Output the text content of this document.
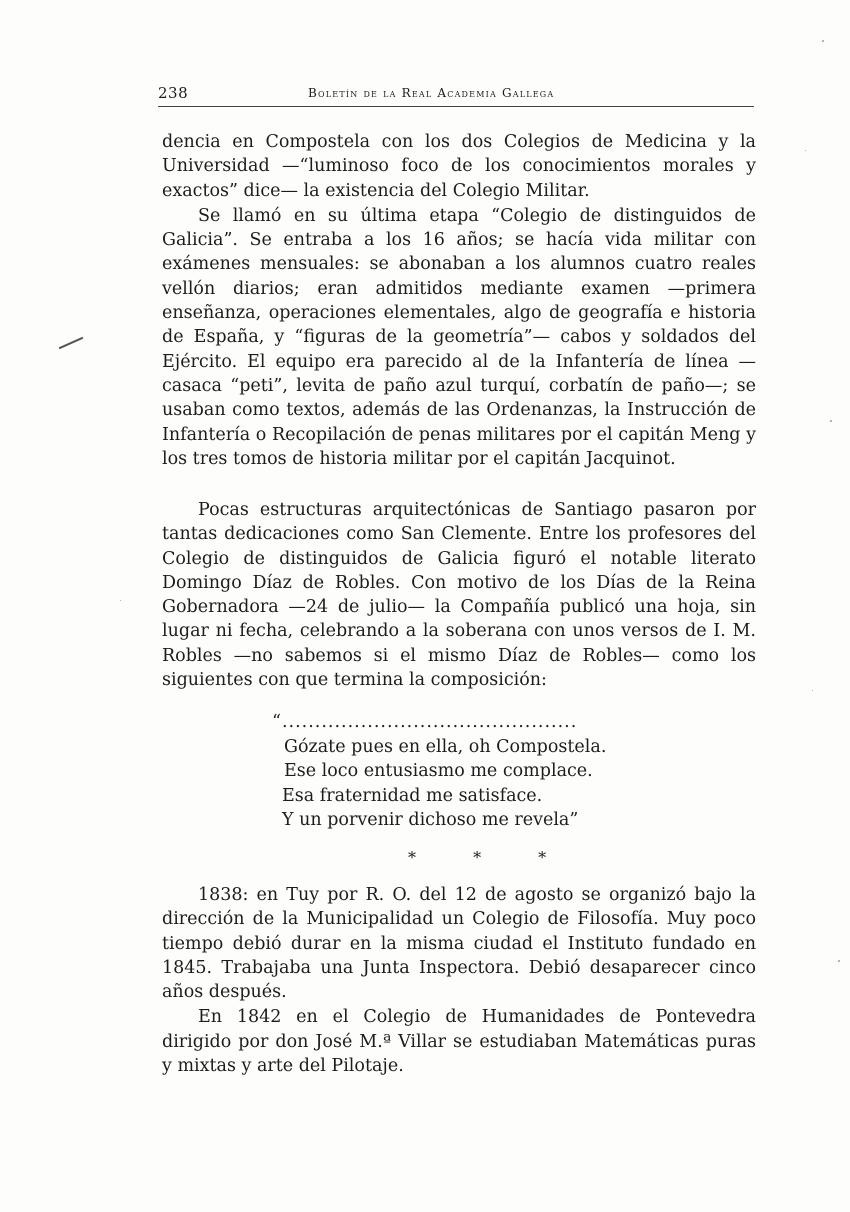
238	Boletín de la Real Academia Gallega

dencia en Compostela con los dos Colegios de Medicina y la Universidad —“luminoso foco de los conocimientos morales y exactos” dice— la existencia del Colegio Militar.

Se llamó en su última etapa “Colegio de distinguidos de Galicia”. Se entraba a los 16 años; se hacía vida militar con exámenes mensuales: se abonaban a los alumnos cuatro reales vellón diarios; eran admitidos mediante examen —primera enseñanza, operaciones elementales, algo de geografía e historia de España, y “figuras de la geometría”— cabos y soldados del Ejército. El equipo era parecido al de la Infantería de línea —casaca “peti”, levita de paño azul turquí, corbatín de paño—; se usaban como textos, además de las Ordenanzas, la Instrucción de Infantería o Recopilación de penas militares por el capitán Meng y los tres tomos de historia militar por el capitán Jacquinot.

Pocas estructuras arquitectónicas de Santiago pasaron por tantas dedicaciones como San Clemente. Entre los profesores del Colegio de distinguidos de Galicia figuró el notable literato Domingo Díaz de Robles. Con motivo de los Días de la Reina Gobernadora —24 de julio— la Compañía publicó una hoja, sin lugar ni fecha, celebrando a la soberana con unos versos de I. M. Robles —no sabemos si el mismo Díaz de Robles— como los siguientes con que termina la composición:

“.............................................
Gózate pues en ella, oh Compostela.
Ese loco entusiasmo me complace.
Esa fraternidad me satisface.
Y un porvenir dichoso me revela”
* * *

1838: en Tuy por R. O. del 12 de agosto se organizó bajo la dirección de la Municipalidad un Colegio de Filosofía. Muy poco tiempo debió durar en la misma ciudad el Instituto fundado en 1845. Trabajaba una Junta Inspectora. Debió desaparecer cinco años después.

En 1842 en el Colegio de Humanidades de Pontevedra dirigido por don José M.ª Villar se estudiaban Matemáticas puras y mixtas y arte del Pilotaje.
